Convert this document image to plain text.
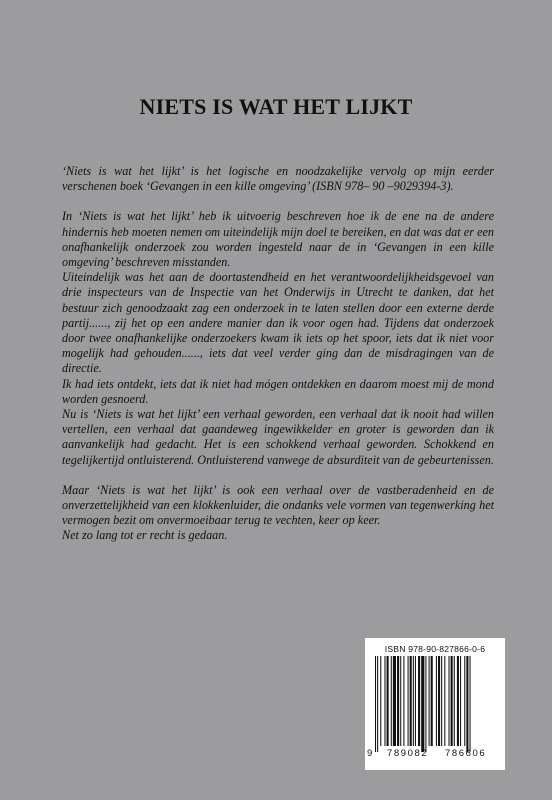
NIETS IS WAT HET LIJKT

‘Niets is wat het lijkt’ is het logische en noodzakelijke vervolg op mijn eerder verschenen boek ‘Gevangen in een kille omgeving’ (ISBN 978– 90 –9029394-3).

In ‘Niets is wat het lijkt’ heb ik uitvoerig beschreven hoe ik de ene na de andere hindernis heb moeten nemen om uiteindelijk mijn doel te bereiken, en dat was dat er een onafhankelijk onderzoek zou worden ingesteld naar de in ‘Gevangen in een kille omgeving’ beschreven misstanden.

Uiteindelijk was het aan de doortastendheid en het verantwoordelijkheidsgevoel van drie inspecteurs van de Inspectie van het Onderwijs in Utrecht te danken, dat het bestuur zich genoodzaakt zag een onderzoek in te laten stellen door een externe derde partij......, zij het op een andere manier dan ik voor ogen had. Tijdens dat onderzoek door twee onafhankelijke onderzoekers kwam ik iets op het spoor, iets dat ik niet voor mogelijk had gehouden......, iets dat veel verder ging dan de misdragingen van de directie.

Ik had iets ontdekt, iets dat ik niet had mógen ontdekken en daarom moest mij de mond worden gesnoerd.

Nu is ‘Niets is wat het lijkt’ een verhaal geworden, een verhaal dat ik nooit had willen vertellen, een verhaal dat gaandeweg ingewikkelder en groter is geworden dan ik aanvankelijk had gedacht. Het is een schokkend verhaal geworden. Schokkend en tegelijkertijd ontluisterend. Ontluisterend vanwege de absurditeit van de gebeurtenissen.

Maar ‘Niets is wat het lijkt’ is ook een verhaal over de vastberadenheid en de onverzettelijkheid van een klokkenluider, die ondanks vele vormen van tegenwerking het vermogen bezit om onvermoeibaar terug te vechten, keer op keer.

Net zo lang tot er recht is gedaan.

ISBN 978-90-827866-0-6
9 789082 786606
